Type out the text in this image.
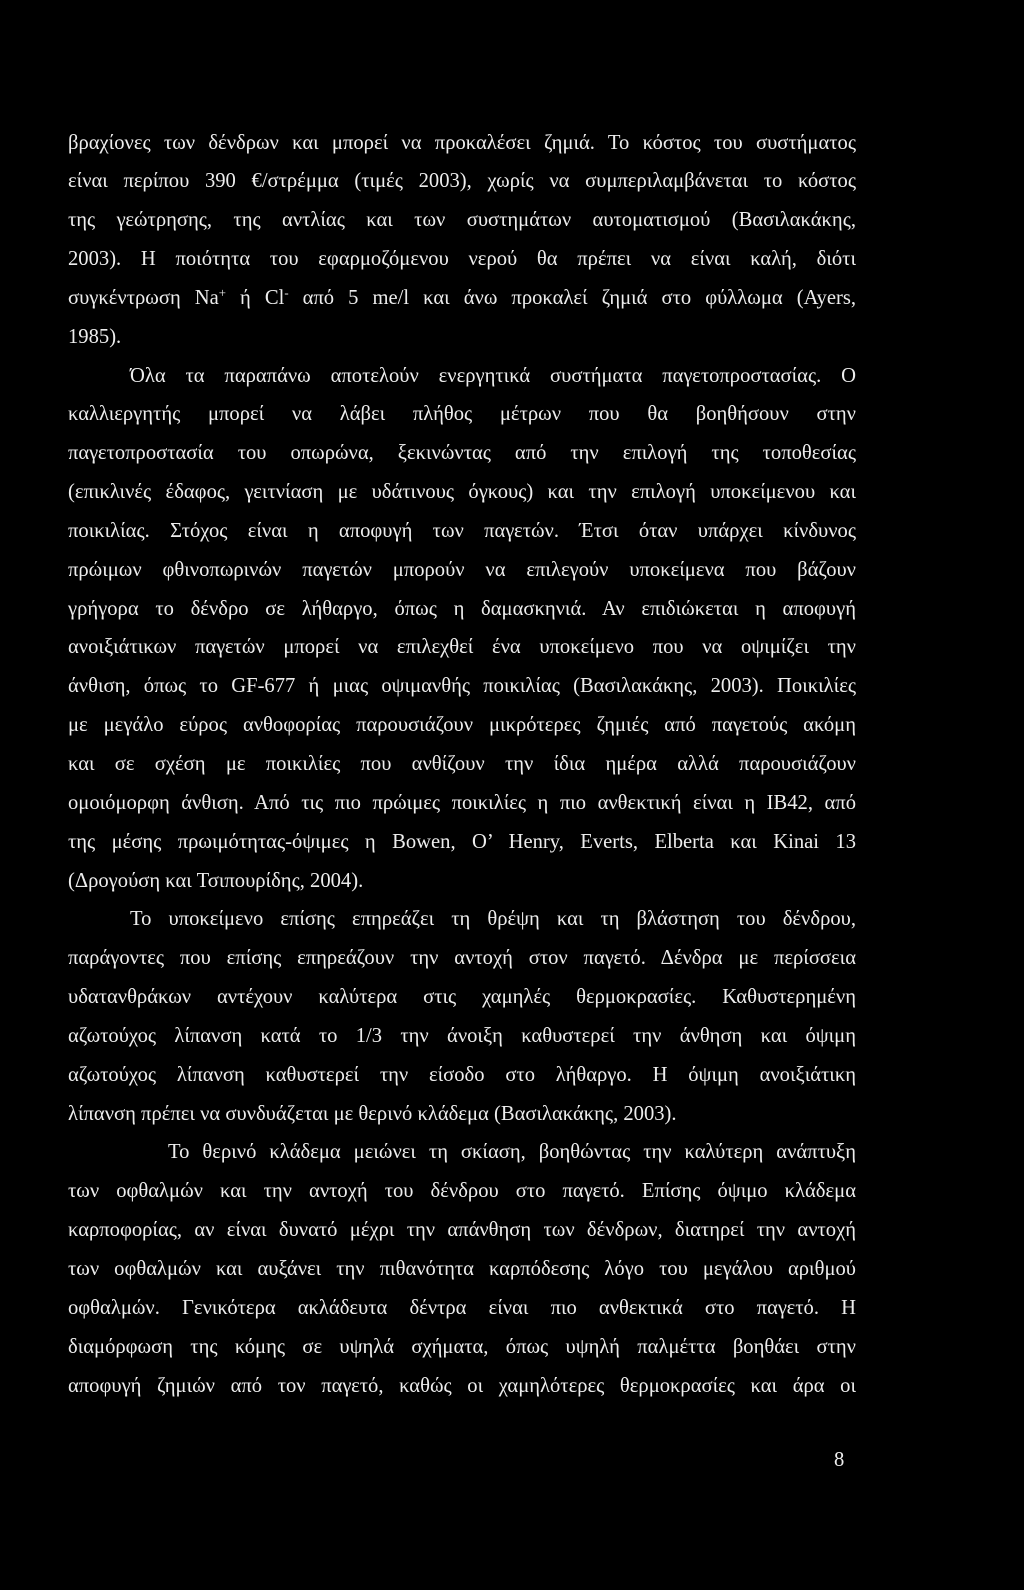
βραχίονες των δένδρων και μπορεί να προκαλέσει ζημιά. Το κόστος του συστήματος
είναι περίπου 390 €/στρέμμα (τιμές 2003), χωρίς να συμπεριλαμβάνεται το κόστος
της γεώτρησης, της αντλίας και των συστημάτων αυτοματισμού (Βασιλακάκης,
2003). Η ποιότητα του εφαρμοζόμενου νερού θα πρέπει να είναι καλή, διότι
συγκέντρωση Na+ ή Cl- από 5 me/l και άνω προκαλεί ζημιά στο φύλλωμα (Ayers,
1985).
Όλα τα παραπάνω αποτελούν ενεργητικά συστήματα παγετοπροστασίας. Ο
καλλιεργητής μπορεί να λάβει πλήθος μέτρων που θα βοηθήσουν στην
παγετοπροστασία του οπωρώνα, ξεκινώντας από την επιλογή της τοποθεσίας
(επικλινές έδαφος, γειτνίαση με υδάτινους όγκους) και την επιλογή υποκείμενου και
ποικιλίας. Στόχος είναι η αποφυγή των παγετών. Έτσι όταν υπάρχει κίνδυνος
πρώιμων φθινοπωρινών παγετών μπορούν να επιλεγούν υποκείμενα που βάζουν
γρήγορα το δένδρο σε λήθαργο, όπως η δαμασκηνιά. Αν επιδιώκεται η αποφυγή
ανοιξιάτικων παγετών μπορεί να επιλεχθεί ένα υποκείμενο που να οψιμίζει την
άνθιση, όπως το GF-677 ή μιας οψιμανθής ποικιλίας (Βασιλακάκης, 2003). Ποικιλίες
με μεγάλο εύρος ανθοφορίας παρουσιάζουν μικρότερες ζημιές από παγετούς ακόμη
και σε σχέση με ποικιλίες που ανθίζουν την ίδια ημέρα αλλά παρουσιάζουν
ομοιόμορφη άνθιση. Από τις πιο πρώιμες ποικιλίες η πιο ανθεκτική είναι η IB42, από
της μέσης πρωιμότητας-όψιμες η Bowen, O’ Henry, Everts, Elberta και Kinai 13
(Δρογούση και Τσιπουρίδης, 2004).
Το υποκείμενο επίσης επηρεάζει τη θρέψη και τη βλάστηση του δένδρου,
παράγοντες που επίσης επηρεάζουν την αντοχή στον παγετό. Δένδρα με περίσσεια
υδατανθράκων αντέχουν καλύτερα στις χαμηλές θερμοκρασίες. Καθυστερημένη
αζωτούχος λίπανση κατά το 1/3 την άνοιξη καθυστερεί την άνθηση και όψιμη
αζωτούχος λίπανση καθυστερεί την είσοδο στο λήθαργο. Η όψιμη ανοιξιάτικη
λίπανση πρέπει να συνδυάζεται με θερινό κλάδεμα (Βασιλακάκης, 2003).
Το θερινό κλάδεμα μειώνει τη σκίαση, βοηθώντας την καλύτερη ανάπτυξη
των οφθαλμών και την αντοχή του δένδρου στο παγετό. Επίσης όψιμο κλάδεμα
καρποφορίας, αν είναι δυνατό μέχρι την απάνθηση των δένδρων, διατηρεί την αντοχή
των οφθαλμών και αυξάνει την πιθανότητα καρπόδεσης λόγο του μεγάλου αριθμού
οφθαλμών. Γενικότερα ακλάδευτα δέντρα είναι πιο ανθεκτικά στο παγετό. Η
διαμόρφωση της κόμης σε υψηλά σχήματα, όπως υψηλή παλμέττα βοηθάει στην
αποφυγή ζημιών από τον παγετό, καθώς οι χαμηλότερες θερμοκρασίες και άρα οι
8
